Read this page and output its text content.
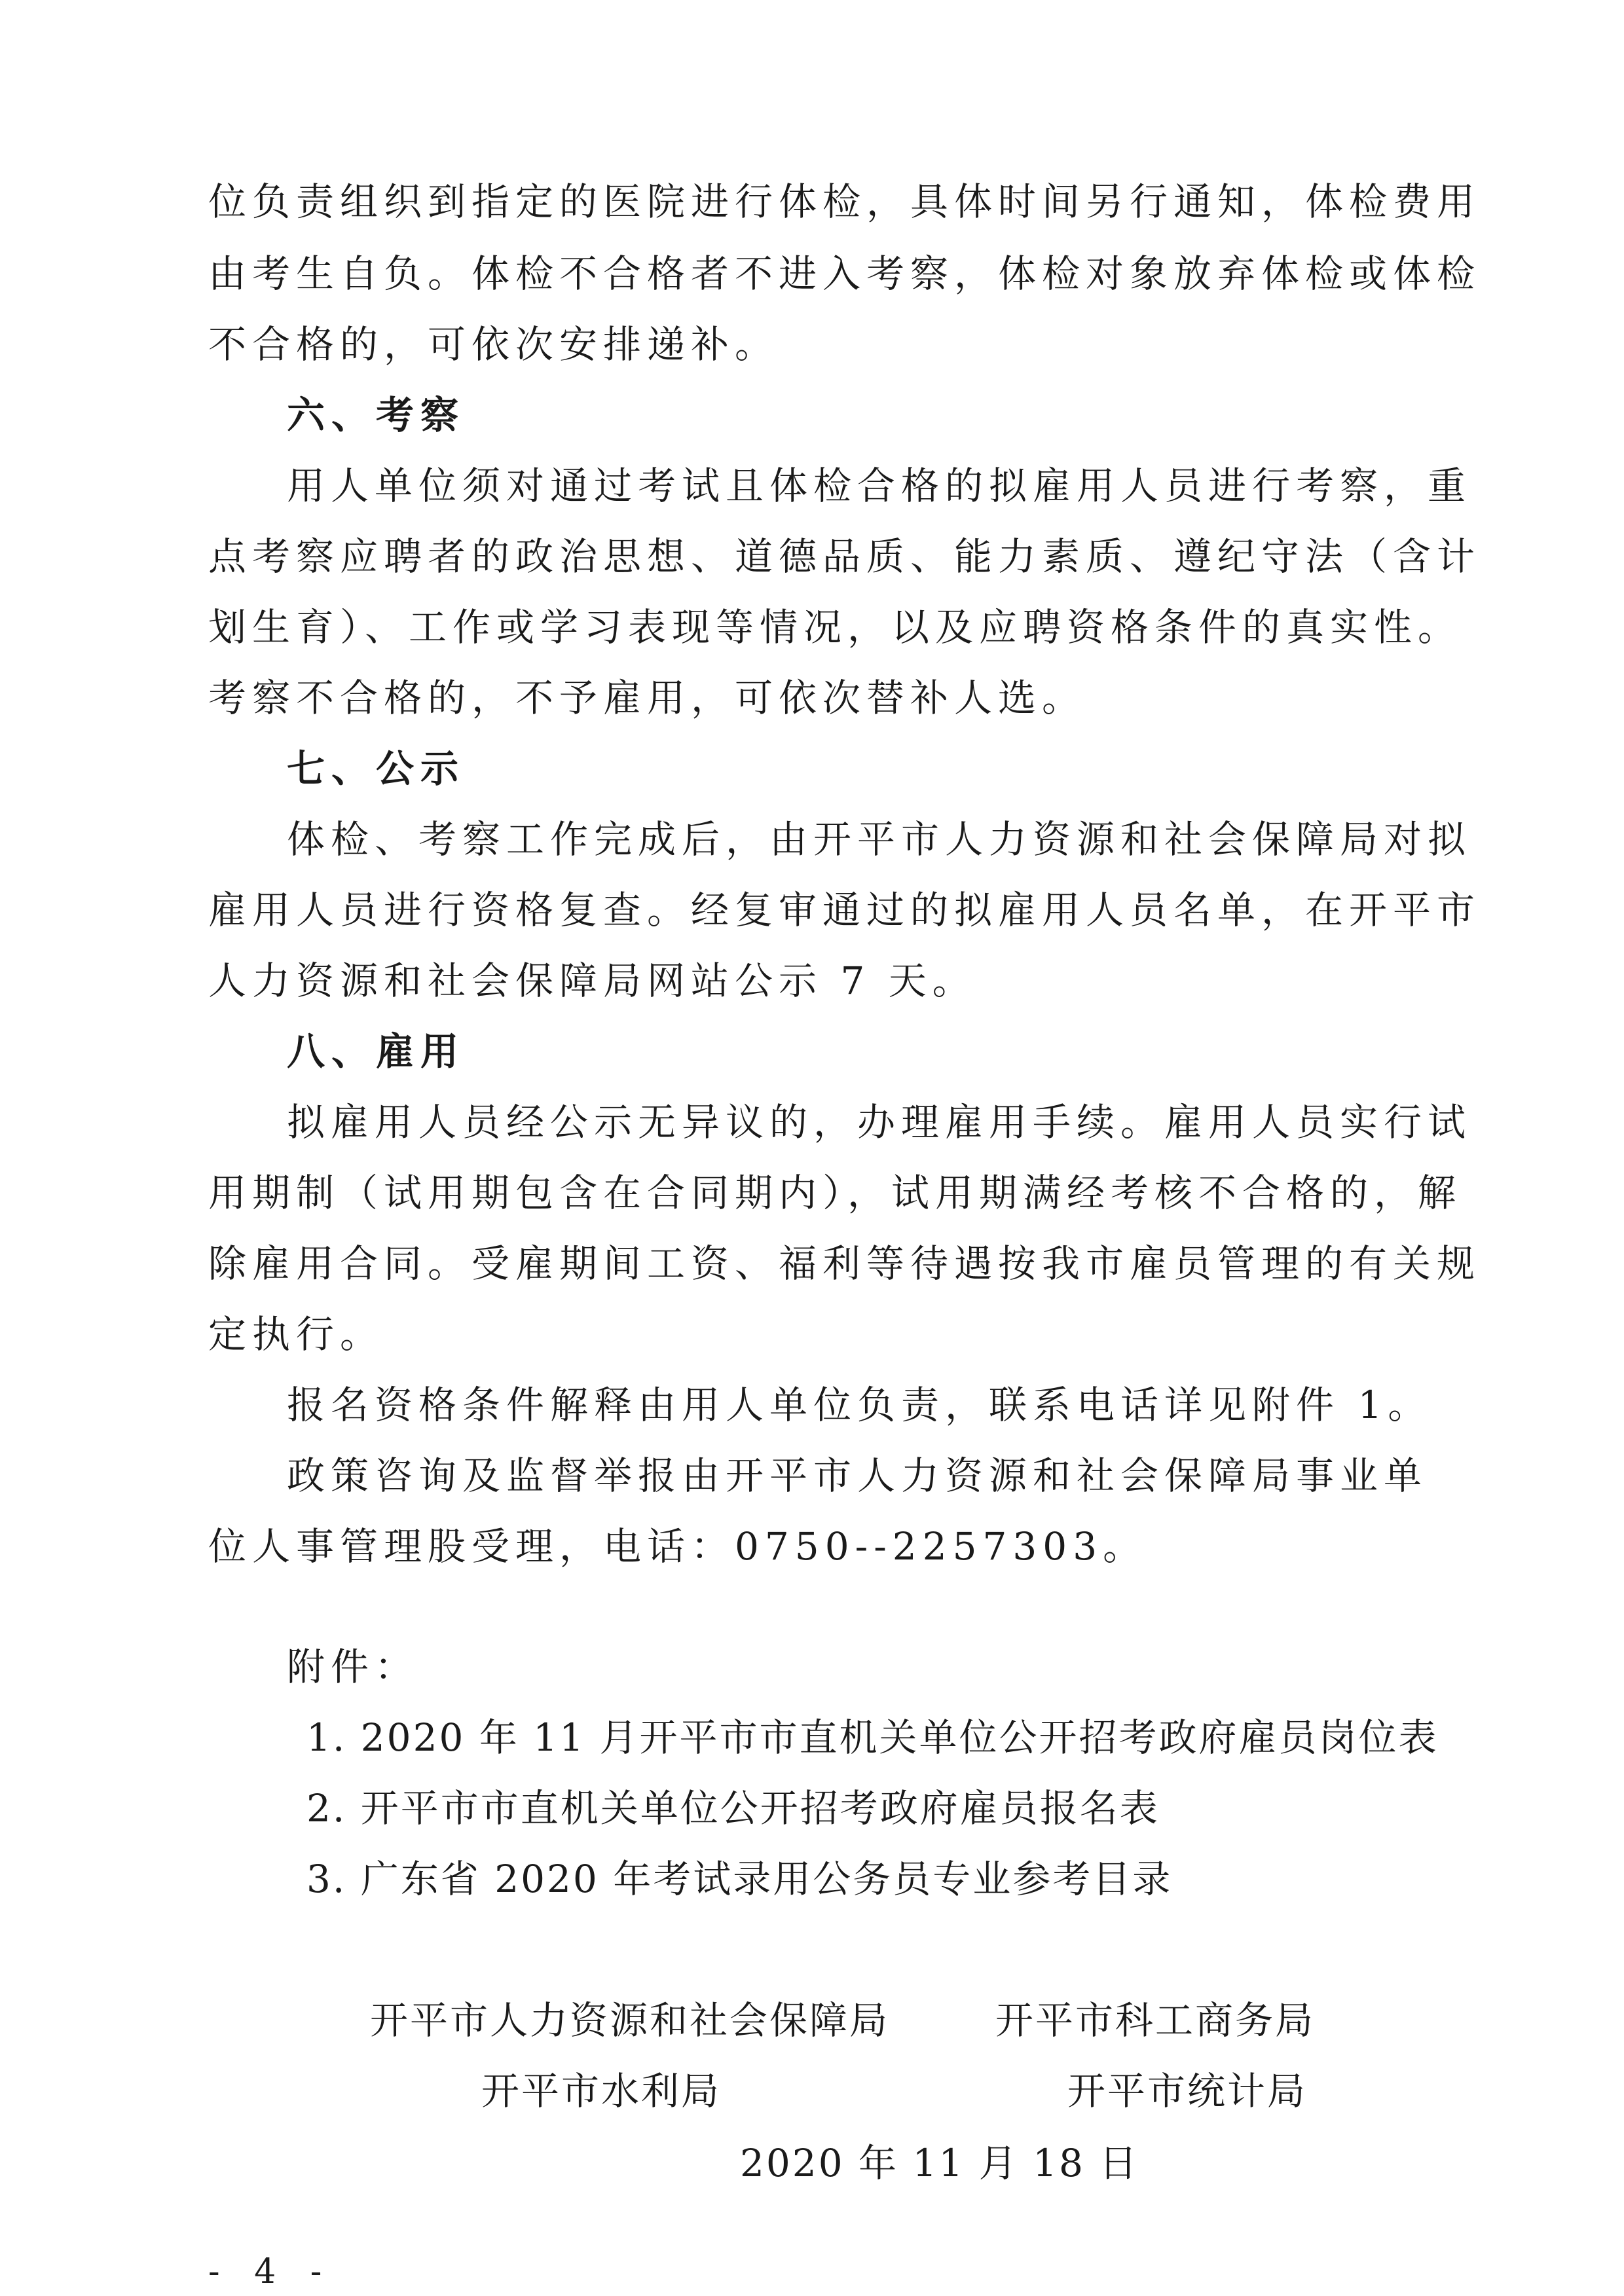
位负责组织到指定的医院进行体检，具体时间另行通知，体检费用
由考生自负。体检不合格者不进入考察，体检对象放弃体检或体检
不合格的，可依次安排递补。
六、考察
用人单位须对通过考试且体检合格的拟雇用人员进行考察，重
点考察应聘者的政治思想、道德品质、能力素质、遵纪守法（含计
划生育）、工作或学习表现等情况，以及应聘资格条件的真实性。
考察不合格的，不予雇用，可依次替补人选。
七、公示
体检、考察工作完成后，由开平市人力资源和社会保障局对拟
雇用人员进行资格复查。经复审通过的拟雇用人员名单，在开平市
人力资源和社会保障局网站公示 7 天。
八、雇用
拟雇用人员经公示无异议的，办理雇用手续。雇用人员实行试
用期制（试用期包含在合同期内），试用期满经考核不合格的，解
除雇用合同。受雇期间工资、福利等待遇按我市雇员管理的有关规
定执行。
报名资格条件解释由用人单位负责，联系电话详见附件 1。
政策咨询及监督举报由开平市人力资源和社会保障局事业单
位人事管理股受理，电话：0750--2257303。
附件：
1. 2020 年 11 月开平市市直机关单位公开招考政府雇员岗位表
2. 开平市市直机关单位公开招考政府雇员报名表
3. 广东省 2020 年考试录用公务员专业参考目录
开平市人力资源和社会保障局	开平市科工商务局
开平市水利局	开平市统计局
2020 年 11 月 18 日
- 4 -
